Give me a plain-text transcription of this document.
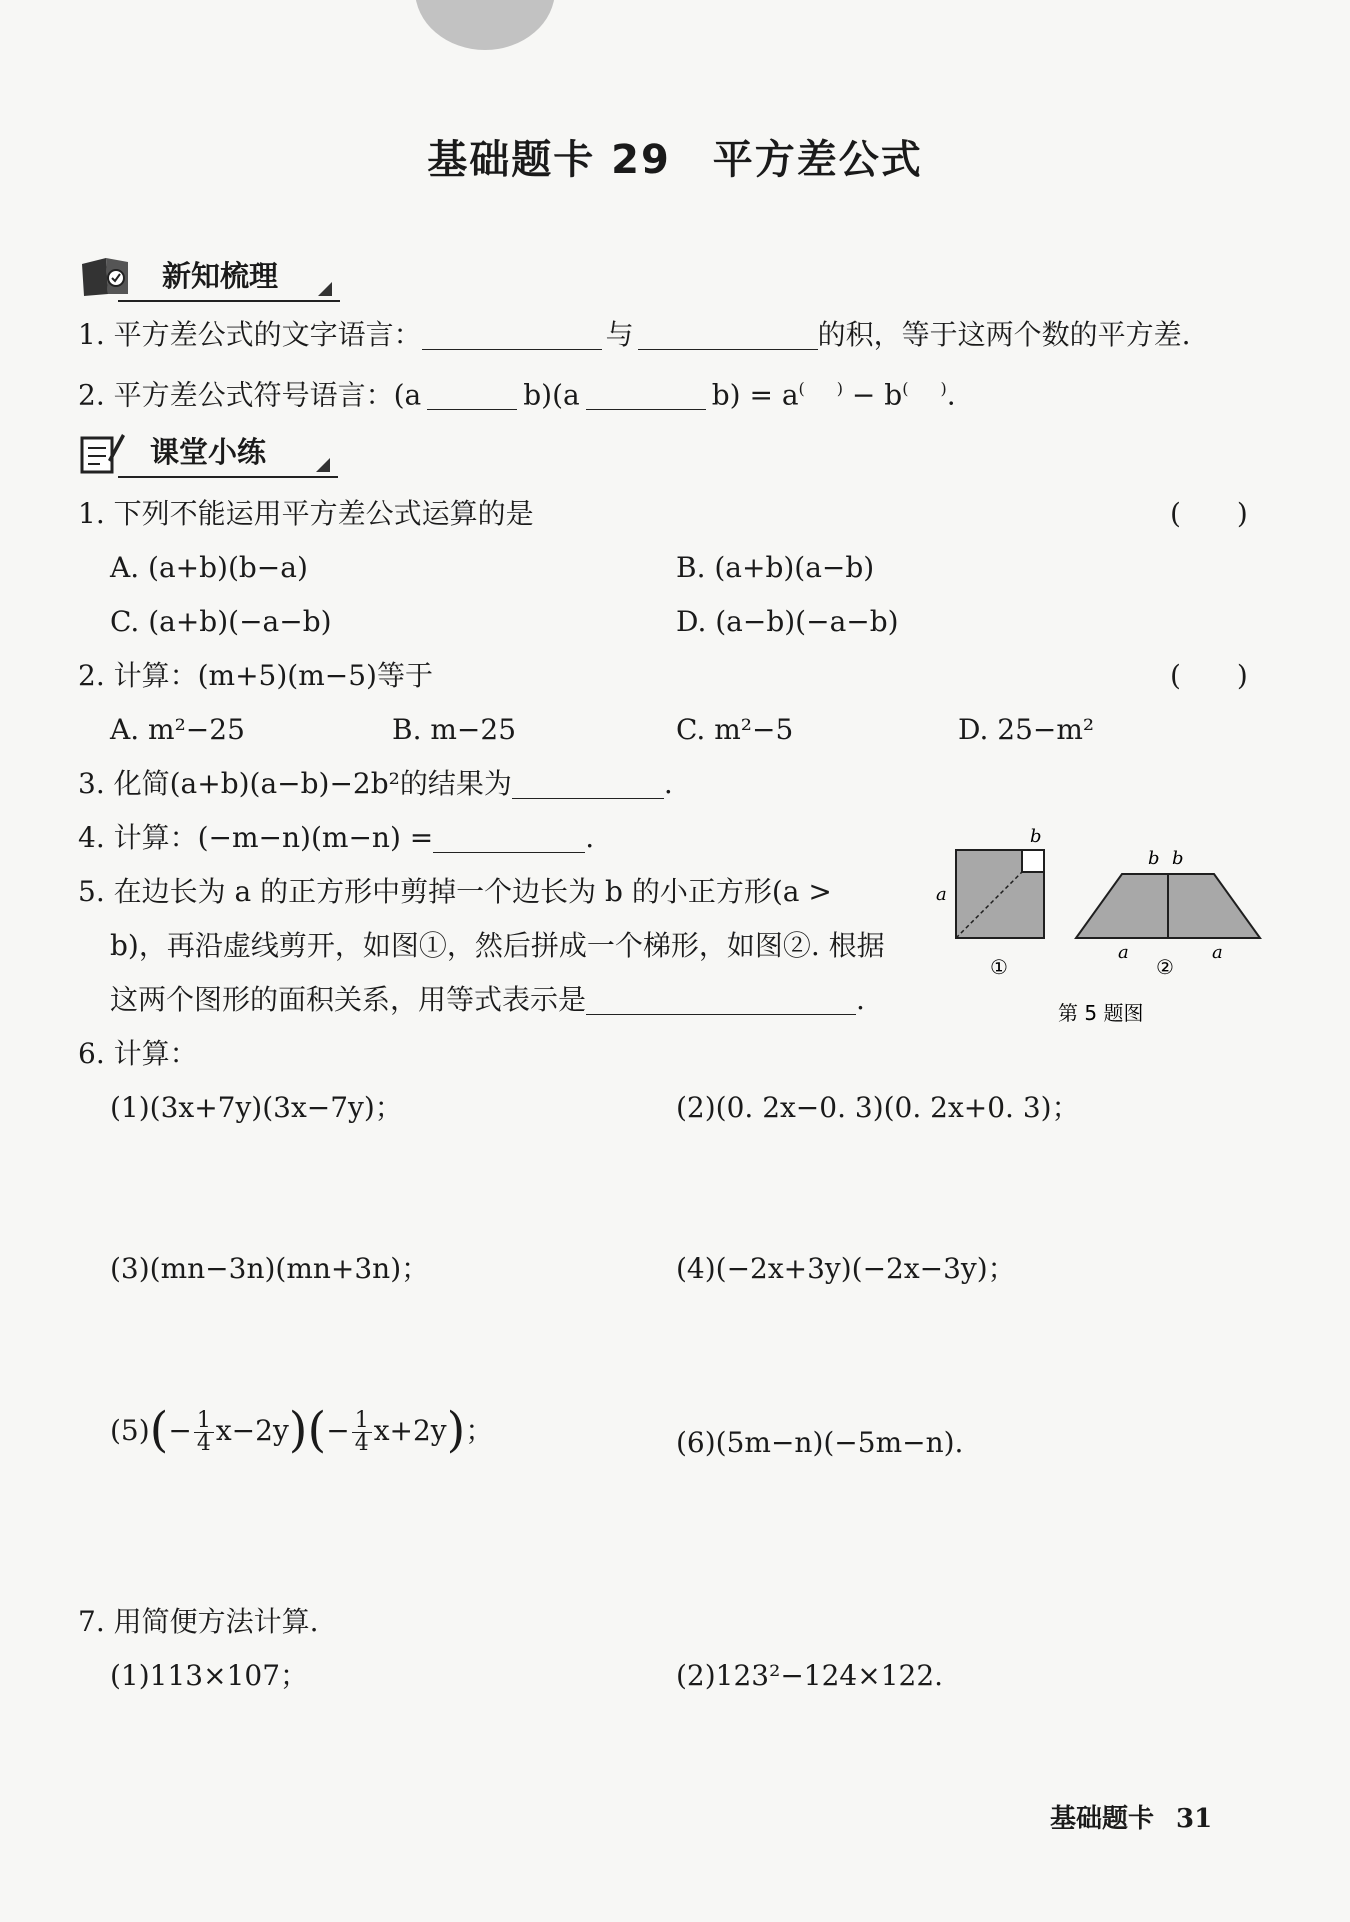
基础题卡 29　平方差公式
新知梳理
1. 平方差公式的文字语言：	与	的积，等于这两个数的平方差.
2. 平方差公式符号语言：(a	b)(a	b) = a(　　) − b(　　).
课堂小练
1. 下列不能运用平方差公式运算的是	(　　)
A. (a+b)(b−a)	B. (a+b)(a−b)
C. (a+b)(−a−b)	D. (a−b)(−a−b)
2. 计算：(m+5)(m−5)等于	(　　)
A. m²−25	B. m−25	C. m²−5	D. 25−m²
3. 化简(a+b)(a−b)−2b²的结果为	.
4. 计算：(−m−n)(m−n) =	.
5. 在边长为 a 的正方形中剪掉一个边长为 b 的小正方形(a >
b)，再沿虚线剪开，如图①，然后拼成一个梯形，如图②. 根据
这两个图形的面积关系，用等式表示是	.
b
a
①
b b
a	a
②
第 5 题图
6. 计算：
(1)(3x+7y)(3x−7y)；	(2)(0. 2x−0. 3)(0. 2x+0. 3)；
(3)(mn−3n)(mn+3n)；	(4)(−2x+3y)(−2x−3y)；
$(5)(- \frac{1}{4} x-2y)(- \frac{1}{4} x+2y)$；	(6)(5m−n)(−5m−n).
7. 用简便方法计算.
(1)113×107；	(2)123²−124×122.
基础题卡 31
